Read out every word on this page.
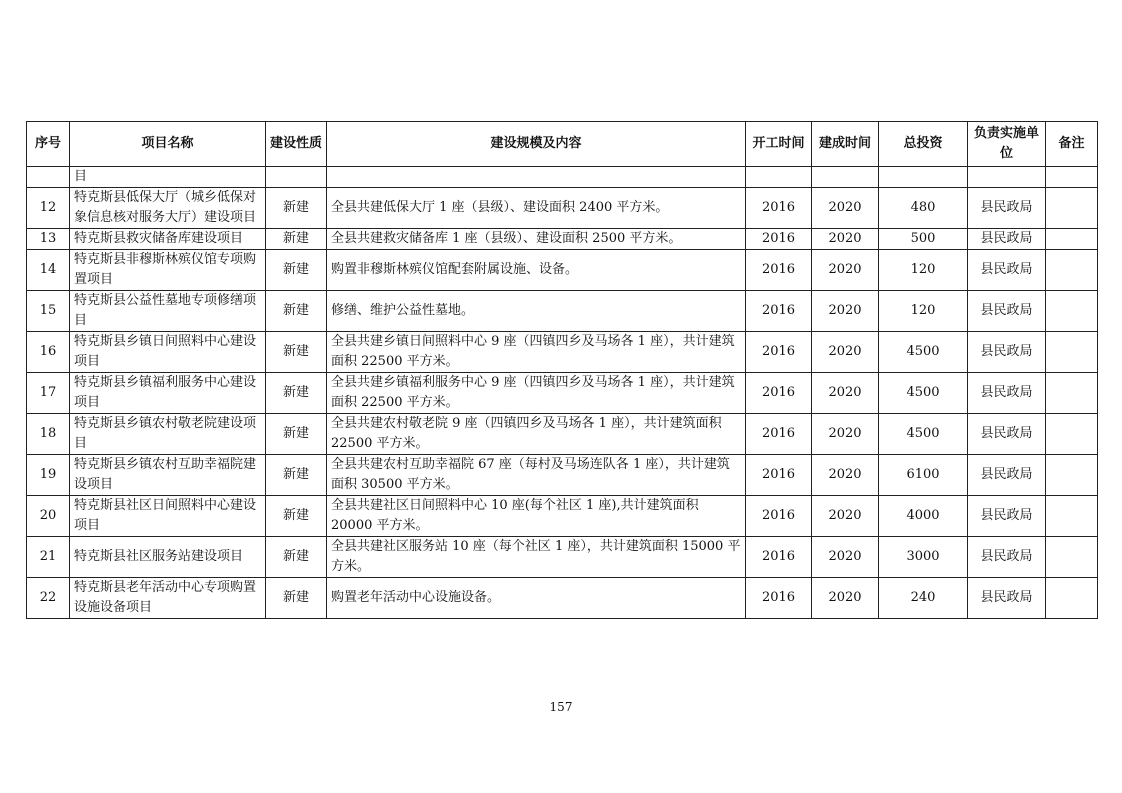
序号	项目名称	建设性质	建设规模及内容	开工时间	建成时间	总投资	负责实施单位	备注
	目							
12	特克斯县低保大厅（城乡低保对象信息核对服务大厅）建设项目	新建	全县共建低保大厅 1 座（县级）、建设面积 2400 平方米。	2016	2020	480	县民政局	
13	特克斯县救灾储备库建设项目	新建	全县共建救灾储备库 1 座（县级）、建设面积 2500 平方米。	2016	2020	500	县民政局	
14	特克斯县非穆斯林殡仪馆专项购置项目	新建	购置非穆斯林殡仪馆配套附属设施、设备。	2016	2020	120	县民政局	
15	特克斯县公益性墓地专项修缮项目	新建	修缮、维护公益性墓地。	2016	2020	120	县民政局	
16	特克斯县乡镇日间照料中心建设项目	新建	全县共建乡镇日间照料中心 9 座（四镇四乡及马场各 1 座），共计建筑面积 22500 平方米。	2016	2020	4500	县民政局	
17	特克斯县乡镇福利服务中心建设项目	新建	全县共建乡镇福利服务中心 9 座（四镇四乡及马场各 1 座），共计建筑面积 22500 平方米。	2016	2020	4500	县民政局	
18	特克斯县乡镇农村敬老院建设项目	新建	全县共建农村敬老院 9 座（四镇四乡及马场各 1 座），共计建筑面积 22500 平方米。	2016	2020	4500	县民政局	
19	特克斯县乡镇农村互助幸福院建设项目	新建	全县共建农村互助幸福院 67 座（每村及马场连队各 1 座），共计建筑面积 30500 平方米。	2016	2020	6100	县民政局	
20	特克斯县社区日间照料中心建设项目	新建	全县共建社区日间照料中心 10 座(每个社区 1 座),共计建筑面积 20000 平方米。	2016	2020	4000	县民政局	
21	特克斯县社区服务站建设项目	新建	全县共建社区服务站 10 座（每个社区 1 座），共计建筑面积 15000 平方米。	2016	2020	3000	县民政局	
22	特克斯县老年活动中心专项购置设施设备项目	新建	购置老年活动中心设施设备。	2016	2020	240	县民政局	
157
